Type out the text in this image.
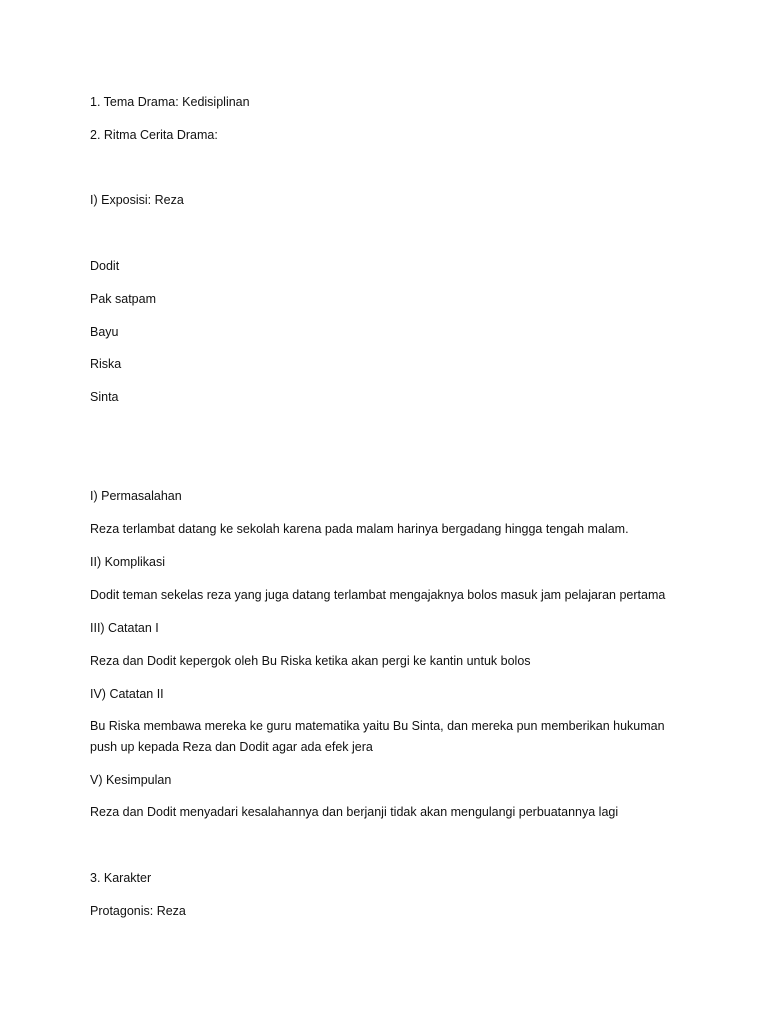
1. Tema Drama: Kedisiplinan
2. Ritma Cerita Drama:
I) Exposisi: Reza
Dodit
Pak satpam
Bayu
Riska
Sinta
I) Permasalahan
Reza terlambat datang ke sekolah karena pada malam harinya bergadang hingga tengah malam.
II) Komplikasi
Dodit teman sekelas reza yang juga datang terlambat mengajaknya bolos masuk jam pelajaran pertama
III) Catatan I
Reza dan Dodit kepergok oleh Bu Riska ketika akan pergi ke kantin untuk bolos
IV) Catatan II
Bu Riska membawa mereka ke guru matematika yaitu Bu Sinta, dan mereka pun memberikan hukuman
push up kepada Reza dan Dodit agar ada efek jera
V) Kesimpulan
Reza dan Dodit menyadari kesalahannya dan berjanji tidak akan mengulangi perbuatannya lagi
3. Karakter
Protagonis: Reza
